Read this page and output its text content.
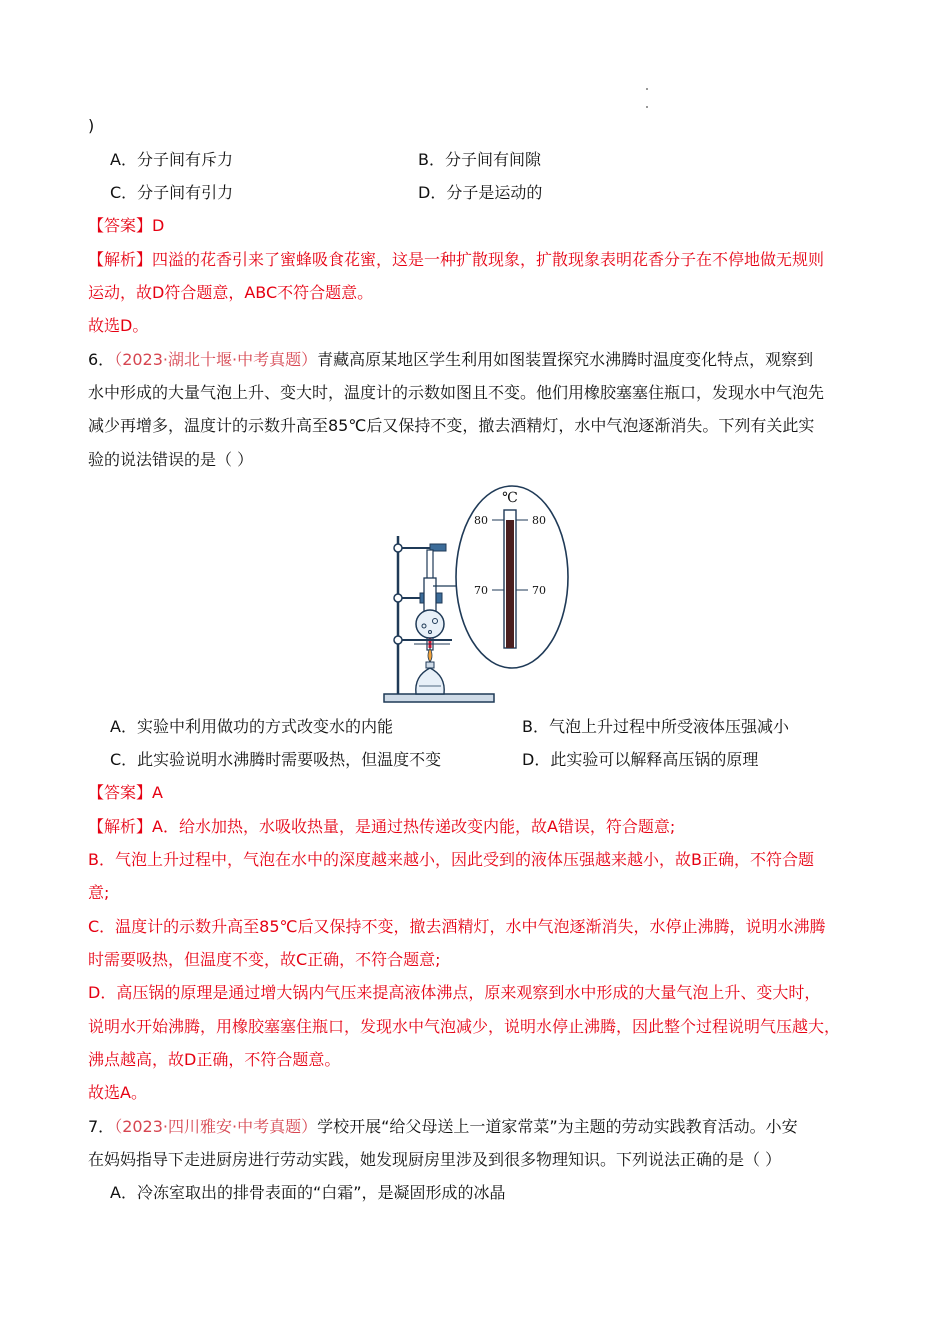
)
A．分子间有斥力	B．分子间有间隙
C．分子间有引力	D．分子是运动的
【答案】D
【解析】四溢的花香引来了蜜蜂吸食花蜜，这是一种扩散现象，扩散现象表明花香分子在不停地做无规则
运动，故D符合题意，ABC不符合题意。
故选D。
6．（2023·湖北十堰·中考真题）青藏高原某地区学生利用如图装置探究水沸腾时温度变化特点，观察到
水中形成的大量气泡上升、变大时，温度计的示数如图且不变。他们用橡胶塞塞住瓶口，发现水中气泡先
减少再增多，温度计的示数升高至85℃后又保持不变，撤去酒精灯，水中气泡逐渐消失。下列有关此实
验的说法错误的是（ ）
℃
80	80
70	70
A．实验中利用做功的方式改变水的内能	B．气泡上升过程中所受液体压强减小
C．此实验说明水沸腾时需要吸热，但温度不变	D．此实验可以解释高压锅的原理
【答案】A
【解析】A．给水加热，水吸收热量，是通过热传递改变内能，故A错误，符合题意;
B．气泡上升过程中，气泡在水中的深度越来越小，因此受到的液体压强越来越小，故B正确，不符合题
意;
C．温度计的示数升高至85℃后又保持不变，撤去酒精灯，水中气泡逐渐消失，水停止沸腾，说明水沸腾
时需要吸热，但温度不变，故C正确，不符合题意;
D．高压锅的原理是通过增大锅内气压来提高液体沸点，原来观察到水中形成的大量气泡上升、变大时，
说明水开始沸腾，用橡胶塞塞住瓶口，发现水中气泡减少，说明水停止沸腾，因此整个过程说明气压越大，
沸点越高，故D正确，不符合题意。
故选A。
7．（2023·四川雅安·中考真题）学校开展“给父母送上一道家常菜”为主题的劳动实践教育活动。小安
在妈妈指导下走进厨房进行劳动实践，她发现厨房里涉及到很多物理知识。下列说法正确的是（ ）
A．冷冻室取出的排骨表面的“白霜”，是凝固形成的冰晶
